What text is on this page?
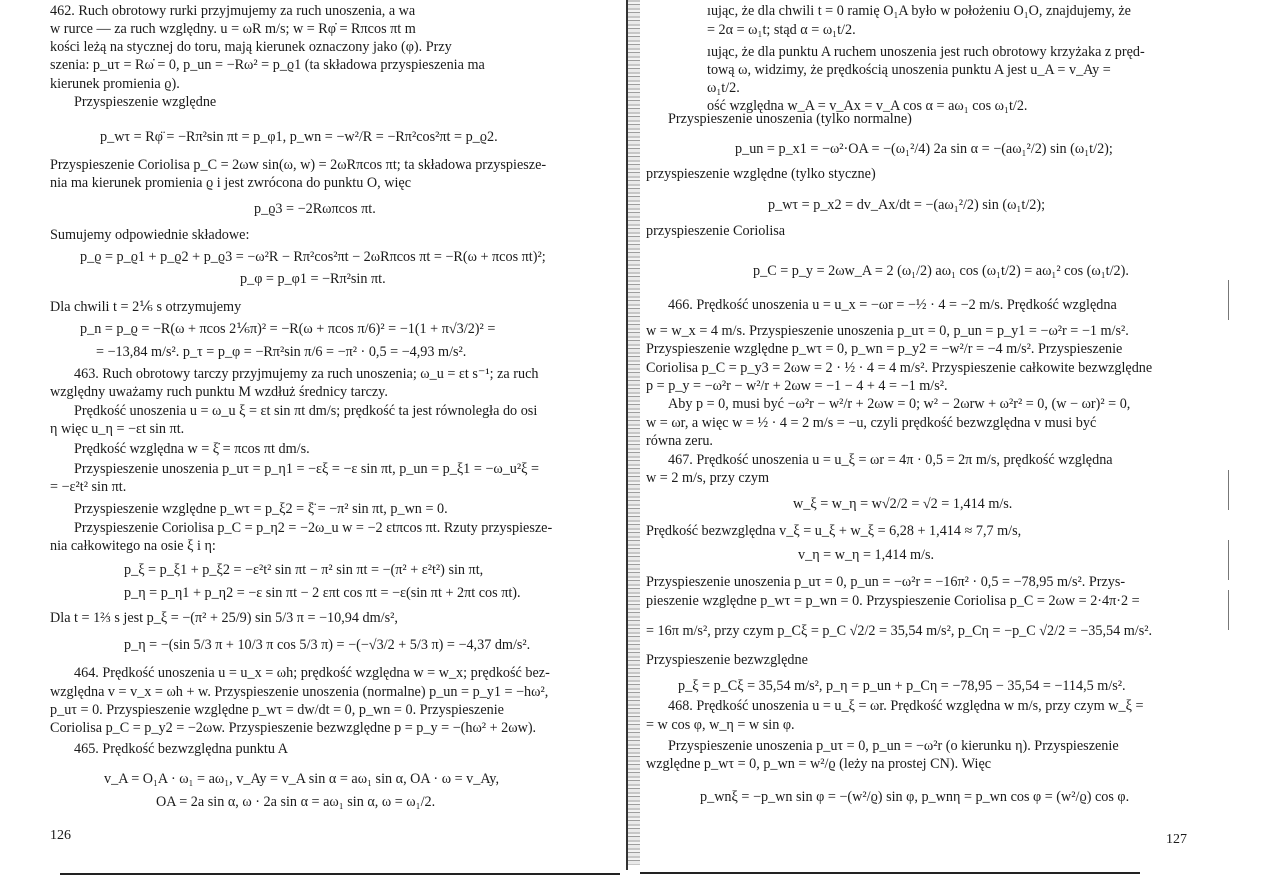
462. Ruch obrotowy rurki przyjmujemy za ruch unoszenia, a wa
w rurce — za ruch względny. u = ωR m/s; w = Rφ̇ = Rπcos πt m
kości leżą na stycznej do toru, mają kierunek oznaczony jako (φ). Przy
szenia: p_uτ = Rω̇ = 0, p_un = −Rω² = p_ϱ1 (ta składowa przyspieszenia ma
kierunek promienia ϱ).
Przyspieszenie względne
p_wτ = Rφ̈ = −Rπ²sin πt = p_φ1, p_wn = −w²/R = −Rπ²cos²πt = p_ϱ2.
Przyspieszenie Coriolisa p_C = 2ωw sin(ω, w) = 2ωRπcos πt; ta składowa przyspiesze-
nia ma kierunek promienia ϱ i jest zwrócona do punktu O, więc
p_ϱ3 = −2Rωπcos πt.
Sumujemy odpowiednie składowe:
p_ϱ = p_ϱ1 + p_ϱ2 + p_ϱ3 = −ω²R − Rπ²cos²πt − 2ωRπcos πt = −R(ω + πcos πt)²;
p_φ = p_φ1 = −Rπ²sin πt.
Dla chwili t = 2⅙ s otrzymujemy
p_n = p_ϱ = −R(ω + πcos 2⅙π)² = −R(ω + πcos π/6)² = −1(1 + π√3/2)² =
= −13,84 m/s². p_τ = p_φ = −Rπ²sin π/6 = −π² · 0,5 = −4,93 m/s².
463. Ruch obrotowy tarczy przyjmujemy za ruch unoszenia; ω_u = εt s⁻¹; za ruch
względny uważamy ruch punktu M wzdłuż średnicy tarczy.
Prędkość unoszenia u = ω_u ξ = εt sin πt dm/s; prędkość ta jest równoległa do osi
η więc u_η = −εt sin πt.
Prędkość względna w = ξ̇ = πcos πt dm/s.
Przyspieszenie unoszenia p_uτ = p_η1 = −εξ = −ε sin πt, p_un = p_ξ1 = −ω_u²ξ =
= −ε²t² sin πt.
Przyspieszenie względne p_wτ = p_ξ2 = ξ̈ = −π² sin πt, p_wn = 0.
Przyspieszenie Coriolisa p_C = p_η2 = −2ω_u w = −2 εtπcos πt. Rzuty przyspiesze-
nia całkowitego na osie ξ i η:
p_ξ = p_ξ1 + p_ξ2 = −ε²t² sin πt − π² sin πt = −(π² + ε²t²) sin πt,
p_η = p_η1 + p_η2 = −ε sin πt − 2 επt cos πt = −ε(sin πt + 2πt cos πt).
Dla t = 1⅔ s jest p_ξ = −(π² + 25/9) sin 5/3 π = −10,94 dm/s²,
p_η = −(sin 5/3 π + 10/3 π cos 5/3 π) = −(−√3/2 + 5/3 π) = −4,37 dm/s².
464. Prędkość unoszenia u = u_x = ωh; prędkość względna w = w_x; prędkość bez-
względna v = v_x = ωh + w. Przyspieszenie unoszenia (normalne) p_un = p_y1 = −hω²,
p_uτ = 0. Przyspieszenie względne p_wτ = dw/dt = 0, p_wn = 0. Przyspieszenie
Coriolisa p_C = p_y2 = −2ωw. Przyspieszenie bezwzględne p = p_y = −(hω² + 2ωw).
465. Prędkość bezwzględna punktu A
v_A = O₁A · ω₁ = aω₁, v_Ay = v_A sin α = aω₁ sin α, OA · ω = v_Ay,
OA = 2a sin α, ω · 2a sin α = aω₁ sin α, ω = ω₁/2.
ıując, że dla chwili t = 0 ramię O₁A było w położeniu O₁O, znajdujemy, że
= 2α = ω₁t; stąd α = ω₁t/2.
ıując, że dla punktu A ruchem unoszenia jest ruch obrotowy krzyżaka z pręd-
tową ω, widzimy, że prędkością unoszenia punktu A jest u_A = v_Ay =
ω₁t/2.
ość względna w_A = v_Ax = v_A cos α = aω₁ cos ω₁t/2.
Przyspieszenie unoszenia (tylko normalne)
p_un = p_x1 = −ω²·OA = −(ω₁²/4) 2a sin α = −(aω₁²/2) sin (ω₁t/2);
przyspieszenie względne (tylko styczne)
p_wτ = p_x2 = dv_Ax/dt = −(aω₁²/2) sin (ω₁t/2);
przyspieszenie Coriolisa
p_C = p_y = 2ωw_A = 2 (ω₁/2) aω₁ cos (ω₁t/2) = aω₁² cos (ω₁t/2).
466. Prędkość unoszenia u = u_x = −ωr = −½ · 4 = −2 m/s. Prędkość względna
w = w_x = 4 m/s. Przyspieszenie unoszenia p_uτ = 0, p_un = p_y1 = −ω²r = −1 m/s².
Przyspieszenie względne p_wτ = 0, p_wn = p_y2 = −w²/r = −4 m/s². Przyspieszenie
Coriolisa p_C = p_y3 = 2ωw = 2 · ½ · 4 = 4 m/s². Przyspieszenie całkowite bezwzględne
p = p_y = −ω²r − w²/r + 2ωw = −1 − 4 + 4 = −1 m/s².
Aby p = 0, musi być −ω²r − w²/r + 2ωw = 0; w² − 2ωrw + ω²r² = 0, (w − ωr)² = 0,
w = ωr, a więc w = ½ · 4 = 2 m/s = −u, czyli prędkość bezwzględna v musi być
równa zeru.
467. Prędkość unoszenia u = u_ξ = ωr = 4π · 0,5 = 2π m/s, prędkość względna
w = 2 m/s, przy czym
w_ξ = w_η = w√2/2 = √2 = 1,414 m/s.
Prędkość bezwzględna v_ξ = u_ξ + w_ξ = 6,28 + 1,414 ≈ 7,7 m/s,
v_η = w_η = 1,414 m/s.
Przyspieszenie unoszenia p_uτ = 0, p_un = −ω²r = −16π² · 0,5 = −78,95 m/s². Przys-
pieszenie względne p_wτ = p_wn = 0. Przyspieszenie Coriolisa p_C = 2ωw = 2·4π·2 =
= 16π m/s², przy czym p_Cξ = p_C √2/2 = 35,54 m/s², p_Cη = −p_C √2/2 = −35,54 m/s².
Przyspieszenie bezwzględne
p_ξ = p_Cξ = 35,54 m/s², p_η = p_un + p_Cη = −78,95 − 35,54 = −114,5 m/s².
468. Prędkość unoszenia u = u_ξ = ωr. Prędkość względna w m/s, przy czym w_ξ =
= w cos φ, w_η = w sin φ.
Przyspieszenie unoszenia p_uτ = 0, p_un = −ω²r (o kierunku η). Przyspieszenie
względne p_wτ = 0, p_wn = w²/ϱ (leży na prostej CN). Więc
p_wnξ = −p_wn sin φ = −(w²/ϱ) sin φ, p_wnη = p_wn cos φ = (w²/ϱ) cos φ.
126	127
